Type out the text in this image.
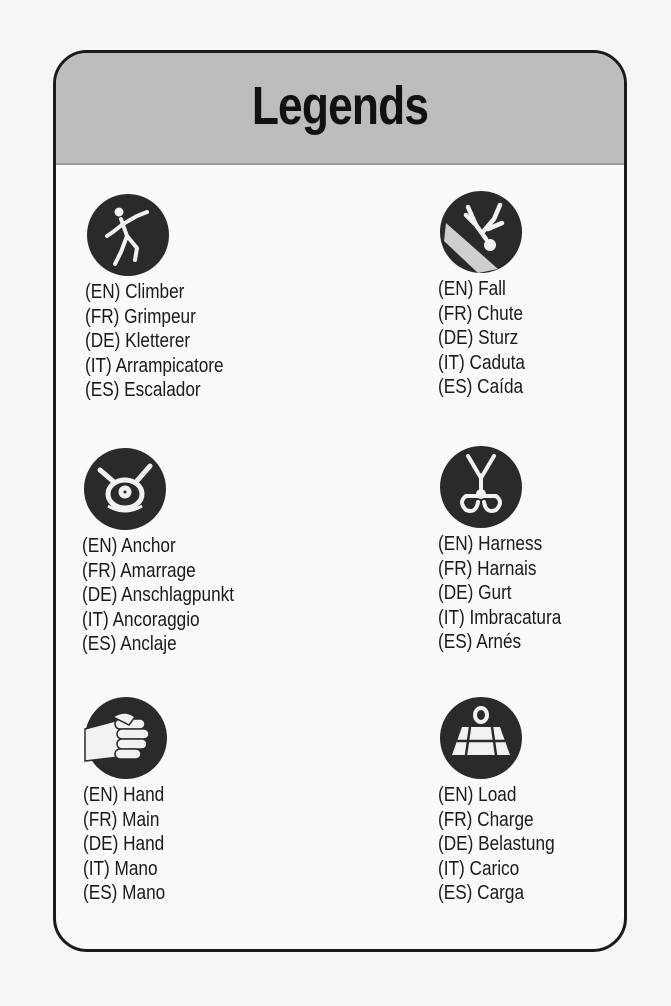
Legends
(EN) Climber
(FR) Grimpeur
(DE) Kletterer
(IT) Arrampicatore
(ES) Escalador
(EN) Fall
(FR) Chute
(DE) Sturz
(IT) Caduta
(ES) Caída
(EN) Anchor
(FR) Amarrage
(DE) Anschlagpunkt
(IT) Ancoraggio
(ES) Anclaje
(EN) Harness
(FR) Harnais
(DE) Gurt
(IT) Imbracatura
(ES) Arnés
(EN) Hand
(FR) Main
(DE) Hand
(IT) Mano
(ES) Mano
(EN) Load
(FR) Charge
(DE) Belastung
(IT) Carico
(ES) Carga
